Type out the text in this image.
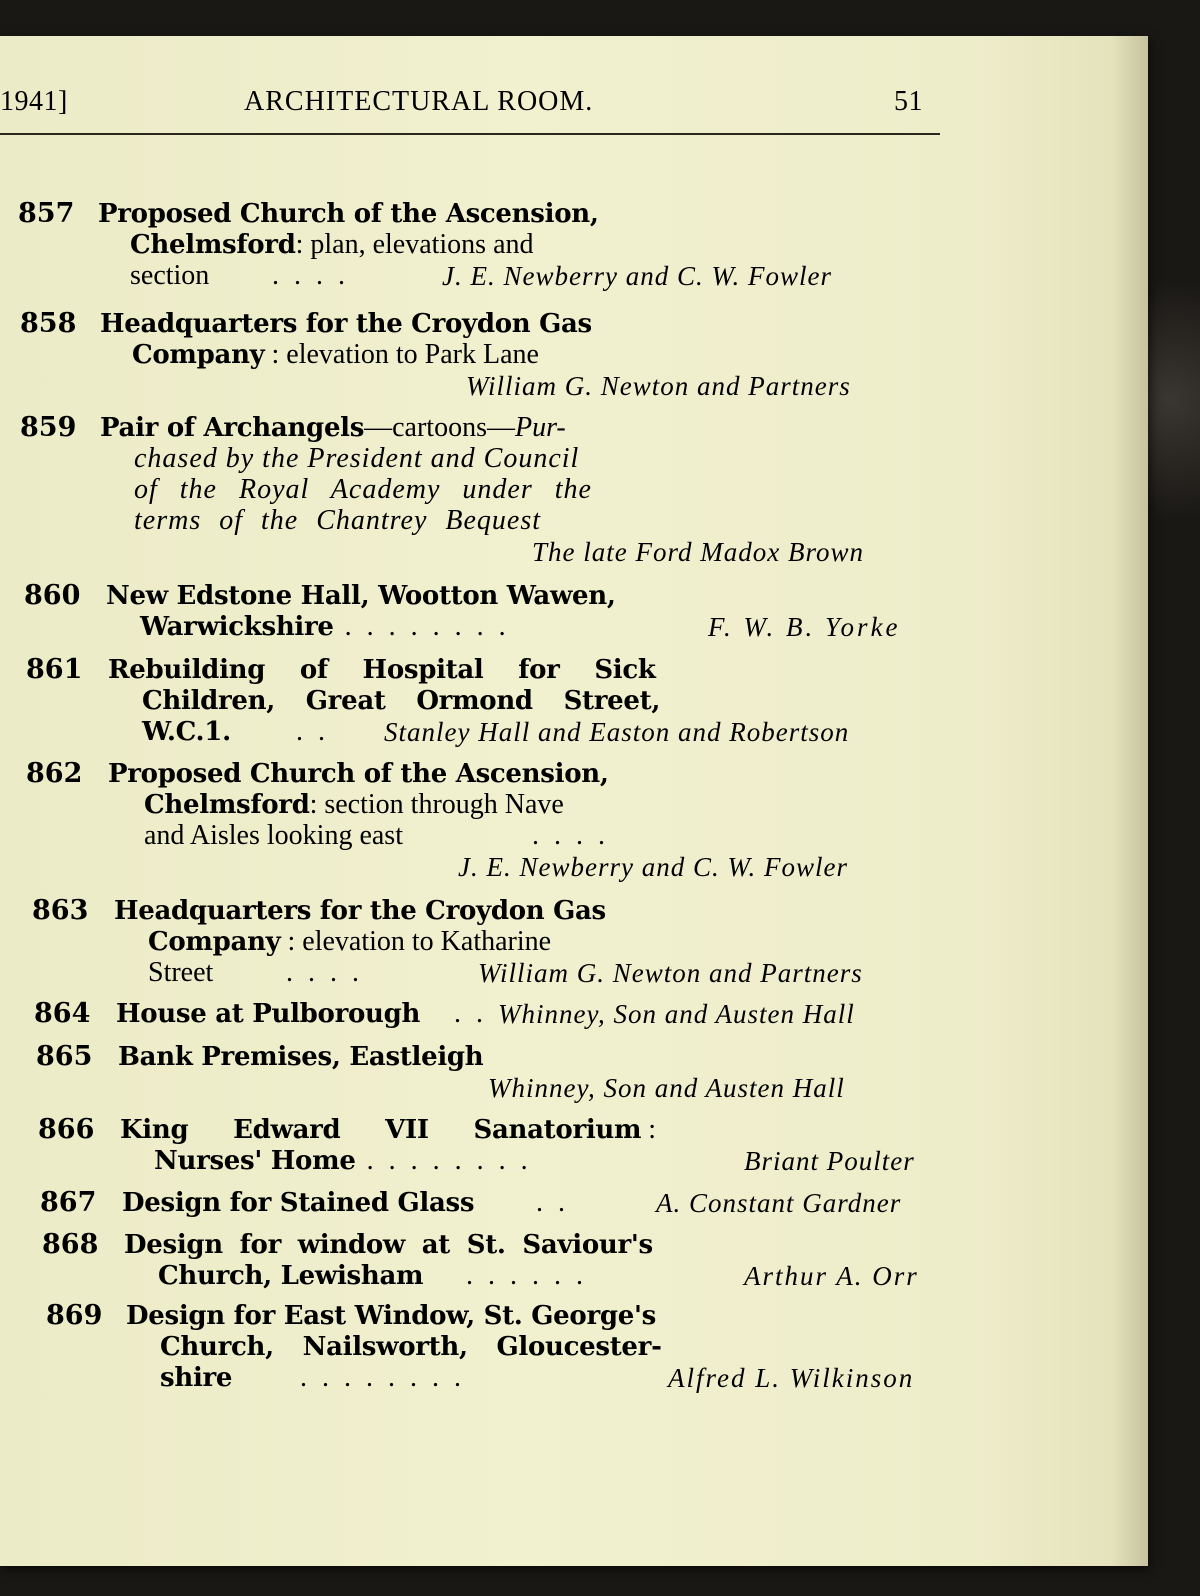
1941]	ARCHITECTURAL ROOM.	51
857 Proposed Church of the Ascension,
Chelmsford: plan, elevations and
section . . . .	J. E. Newberry and C. W. Fowler
858 Headquarters for the Croydon Gas
Company : elevation to Park Lane
William G. Newton and Partners
859 Pair of Archangels—cartoons—Pur-
chased by the President and Council
of the Royal Academy under the
terms of the Chantrey Bequest
The late Ford Madox Brown
860 New Edstone Hall, Wootton Wawen,
Warwickshire . . . . . . . .	F. W. B. Yorke
861 Rebuilding of Hospital for Sick
Children, Great Ormond Street,
W.C.1. . . Stanley Hall and Easton and Robertson
862 Proposed Church of the Ascension,
Chelmsford: section through Nave
and Aisles looking east	. . . .
J. E. Newberry and C. W. Fowler
863 Headquarters for the Croydon Gas
Company : elevation to Katharine
Street	. . . .	William G. Newton and Partners
864 House at Pulborough . . Whinney, Son and Austen Hall
865 Bank Premises, Eastleigh
Whinney, Son and Austen Hall
866 King Edward VII Sanatorium :
Nurses' Home . . . . . . . .	Briant Poulter
867 Design for Stained Glass . .	A. Constant Gardner
868 Design for window at St. Saviour's
Church, Lewisham . . . . . .	Arthur A. Orr
869 Design for East Window, St. George's
Church, Nailsworth, Gloucester-
shire . . . . . . . .	Alfred L. Wilkinson
